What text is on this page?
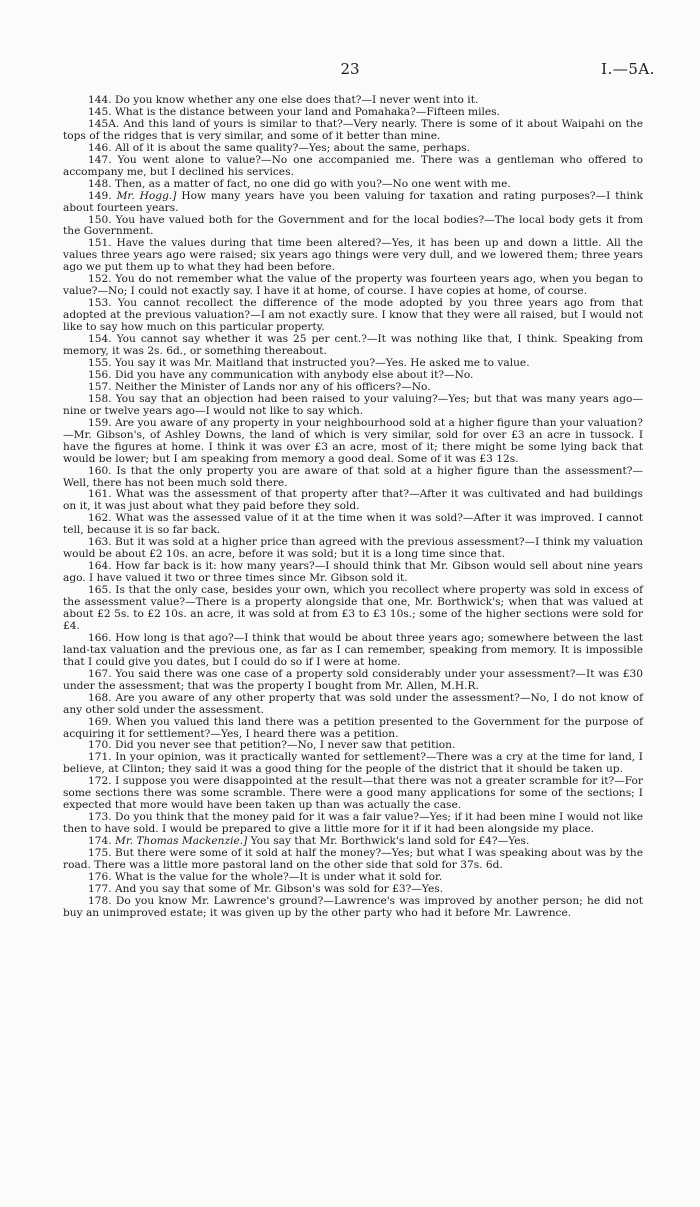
23	I.—5A.

144. Do you know whether any one else does that?—I never went into it.

145. What is the distance between your land and Pomahaka?—Fifteen miles.

145A. And this land of yours is similar to that?—Very nearly. There is some of it about Waipahi on the tops of the ridges that is very similar, and some of it better than mine.

146. All of it is about the same quality?—Yes; about the same, perhaps.

147. You went alone to value?—No one accompanied me. There was a gentleman who offered to accompany me, but I declined his services.

148. Then, as a matter of fact, no one did go with you?—No one went with me.

149. Mr. Hogg.] How many years have you been valuing for taxation and rating purposes?—I think about fourteen years.

150. You have valued both for the Government and for the local bodies?—The local body gets it from the Government.

151. Have the values during that time been altered?—Yes, it has been up and down a little. All the values three years ago were raised; six years ago things were very dull, and we lowered them; three years ago we put them up to what they had been before.

152. You do not remember what the value of the property was fourteen years ago, when you began to value?—No; I could not exactly say. I have it at home, of course. I have copies at home, of course.

153. You cannot recollect the difference of the mode adopted by you three years ago from that adopted at the previous valuation?—I am not exactly sure. I know that they were all raised, but I would not like to say how much on this particular property.

154. You cannot say whether it was 25 per cent.?—It was nothing like that, I think. Speaking from memory, it was 2s. 6d., or something thereabout.

155. You say it was Mr. Maitland that instructed you?—Yes. He asked me to value.

156. Did you have any communication with anybody else about it?—No.

157. Neither the Minister of Lands nor any of his officers?—No.

158. You say that an objection had been raised to your valuing?—Yes; but that was many years ago—nine or twelve years ago—I would not like to say which.

159. Are you aware of any property in your neighbourhood sold at a higher figure than your valuation?—Mr. Gibson's, of Ashley Downs, the land of which is very similar, sold for over £3 an acre in tussock. I have the figures at home. I think it was over £3 an acre, most of it; there might be some lying back that would be lower; but I am speaking from memory a good deal. Some of it was £3 12s.

160. Is that the only property you are aware of that sold at a higher figure than the assessment?—Well, there has not been much sold there.

161. What was the assessment of that property after that?—After it was cultivated and had buildings on it, it was just about what they paid before they sold.

162. What was the assessed value of it at the time when it was sold?—After it was improved. I cannot tell, because it is so far back.

163. But it was sold at a higher price than agreed with the previous assessment?—I think my valuation would be about £2 10s. an acre, before it was sold; but it is a long time since that.

164. How far back is it: how many years?—I should think that Mr. Gibson would sell about nine years ago. I have valued it two or three times since Mr. Gibson sold it.

165. Is that the only case, besides your own, which you recollect where property was sold in excess of the assessment value?—There is a property alongside that one, Mr. Borthwick's; when that was valued at about £2 5s. to £2 10s. an acre, it was sold at from £3 to £3 10s.; some of the higher sections were sold for £4.

166. How long is that ago?—I think that would be about three years ago; somewhere between the last land-tax valuation and the previous one, as far as I can remember, speaking from memory. It is impossible that I could give you dates, but I could do so if I were at home.

167. You said there was one case of a property sold considerably under your assessment?—It was £30 under the assessment; that was the property I bought from Mr. Allen, M.H.R.

168. Are you aware of any other property that was sold under the assessment?—No, I do not know of any other sold under the assessment.

169. When you valued this land there was a petition presented to the Government for the purpose of acquiring it for settlement?—Yes, I heard there was a petition.

170. Did you never see that petition?—No, I never saw that petition.

171. In your opinion, was it practically wanted for settlement?—There was a cry at the time for land, I believe, at Clinton; they said it was a good thing for the people of the district that it should be taken up.

172. I suppose you were disappointed at the result—that there was not a greater scramble for it?—For some sections there was some scramble. There were a good many applications for some of the sections; I expected that more would have been taken up than was actually the case.

173. Do you think that the money paid for it was a fair value?—Yes; if it had been mine I would not like then to have sold. I would be prepared to give a little more for it if it had been alongside my place.

174. Mr. Thomas Mackenzie.] You say that Mr. Borthwick's land sold for £4?—Yes.

175. But there were some of it sold at half the money?—Yes; but what I was speaking about was by the road. There was a little more pastoral land on the other side that sold for 37s. 6d.

176. What is the value for the whole?—It is under what it sold for.

177. And you say that some of Mr. Gibson's was sold for £3?—Yes.

178. Do you know Mr. Lawrence's ground?—Lawrence's was improved by another person; he did not buy an unimproved estate; it was given up by the other party who had it before Mr. Lawrence.
